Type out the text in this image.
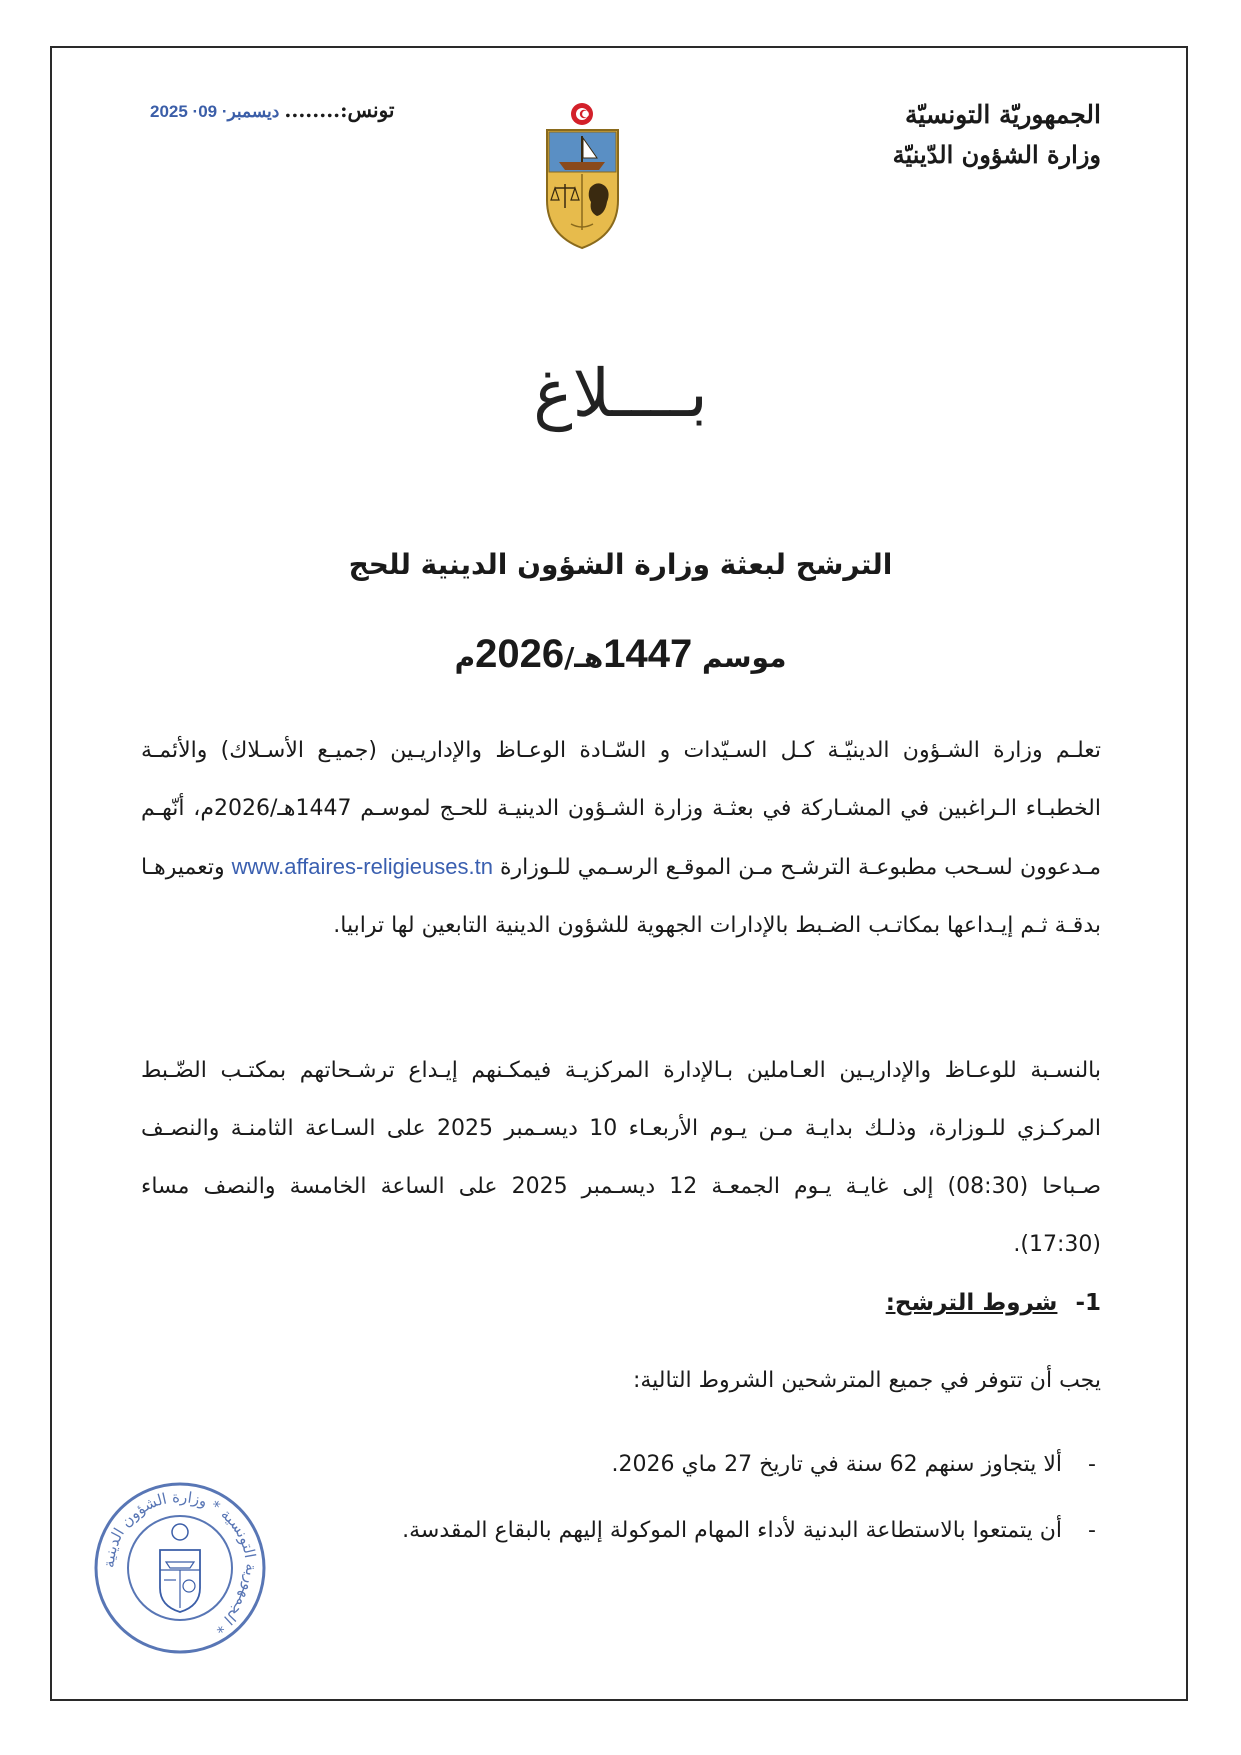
الجمهوريّة التونسيّة
وزارة الشؤون الدّينيّة
تونس:........ 2025 ·ديسمبر· 09
بــــلاغ
الترشح لبعثة وزارة الشؤون الدينية للحج
موسم 1447هـ/2026م
تعلـم وزارة الشـؤون الدينيّـة كـل السـيّدات و السّـادة الوعـاظ والإداريـين (جميـع الأسـلاك) والأئمـة الخطبـاء الـراغبين في المشـاركة في بعثـة وزارة الشـؤون الدينيـة للحـج لموسـم 1447هـ/2026م، أنّهـم مـدعوون لسـحب مطبوعـة الترشـح مـن الموقـع الرسـمي للـوزارة www.affaires-religieuses.tn وتعميرهـا بدقـة ثـم إيـداعها بمكاتـب الضـبط بالإدارات الجهوية للشؤون الدينية التابعين لها ترابيا.
بالنسـبة للوعـاظ والإداريـين العـاملين بـالإدارة المركزيـة فيمكـنهم إيـداع ترشـحاتهم بمكتـب الضّـبط المركـزي للـوزارة، وذلـك بدايـة مـن يـوم الأربعـاء 10 ديسـمبر 2025 على السـاعة الثامنـة والنصـف صـباحا (08:30) إلى غايـة يـوم الجمعـة 12 ديسـمبر 2025 على الساعة الخامسة والنصف مساء (17:30).
1-شروط الترشح:
يجب أن تتوفر في جميع المترشحين الشروط التالية:
-ألا يتجاوز سنهم 62 سنة في تاريخ 27 ماي 2026.
-أن يتمتعوا بالاستطاعة البدنية لأداء المهام الموكولة إليهم بالبقاع المقدسة.
الجمهورية التونسية * وزارة الشؤون الدينية *
